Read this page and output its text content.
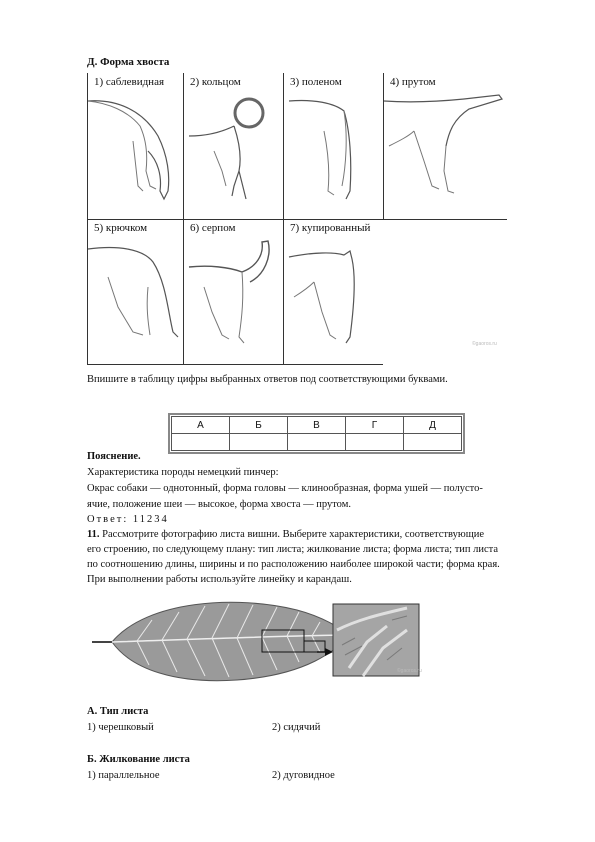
Д. Форма хвоста
1) саблевидная 2) кольцом	3) поленом	4) прутом
5) крючком	6) серпом	7) купированный
©gaoros.ru
Впишите в таблицу цифры выбранных ответов под соответствующими буквами.
А	Б	В	Г	Д

Пояснение.
Характеристика породы немецкий пинчер:
Окрас собаки — однотонный, форма головы — клинообразная, форма ушей — полусто-
ячие, положение шеи — высокое, форма хвоста — прутом.
Ответ: 11234
11. Рассмотрите фотографию листа вишни. Выберите характеристики, соответствующие
его строению, по следующему плану: тип листа; жилкование листа; форма листа; тип листа
по соотношению длины, ширины и по расположению наиболее широкой части; форма края.
При выполнении работы используйте линейку и карандаш.
©gaoros.ru
А. Тип листа
1) черешковый	2) сидячий
Б. Жилкование листа
1) параллельное	2) дуговидное
